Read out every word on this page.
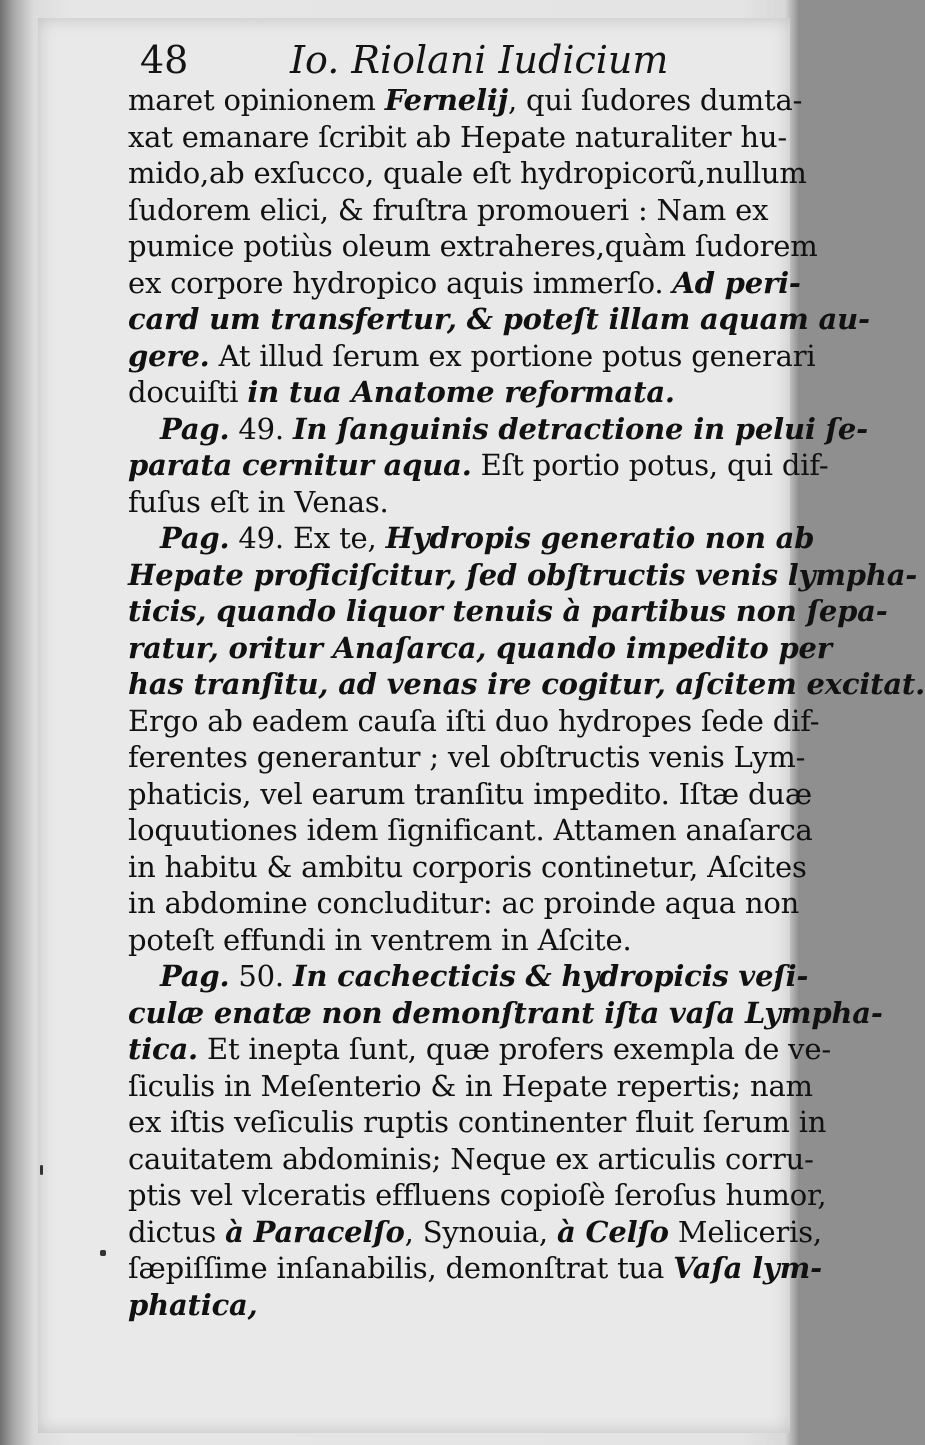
48	Io. Riolani Iudicium
maret opinionem Fernelij, qui ſudores dumta-
xat emanare ſcribit ab Hepate naturaliter hu-
mido,ab exſucco, quale eſt hydropicorũ,nullum
ſudorem elici, & fruſtra promoueri : Nam ex
pumice potiùs oleum extraheres,quàm ſudorem
ex corpore hydropico aquis immerſo. Ad peri-
card um transfertur, & poteſt illam aquam au-
gere. At illud ſerum ex portione potus generari
docuiſti in tua Anatome reformata.
Pag. 49. In ſanguinis detractione in pelui ſe-
parata cernitur aqua. Eſt portio potus, qui dif-
fuſus eſt in Venas.
Pag. 49. Ex te, Hydropis generatio non ab
Hepate proficiſcitur, ſed obſtructis venis lympha-
ticis, quando liquor tenuis à partibus non ſepa-
ratur, oritur Anaſarca, quando impedito per
has tranſitu, ad venas ire cogitur, aſcitem excitat.
Ergo ab eadem cauſa iſti duo hydropes ſede dif-
ferentes generantur ; vel obſtructis venis Lym-
phaticis, vel earum tranſitu impedito. Iſtæ duæ
loquutiones idem ſignificant. Attamen anaſarca
in habitu & ambitu corporis continetur, Aſcites
in abdomine concluditur: ac proinde aqua non
poteſt effundi in ventrem in Aſcite.
Pag. 50. In cachecticis & hydropicis veſi-
culæ enatæ non demonſtrant iſta vaſa Lympha-
tica. Et inepta ſunt, quæ profers exempla de ve-
ſiculis in Meſenterio & in Hepate repertis; nam
ex iſtis veſiculis ruptis continenter fluit ſerum in
cauitatem abdominis; Neque ex articulis corru-
ptis vel vlceratis effluens copioſè ſeroſus humor,
dictus à Paracelſo, Synouia, à Celſo Meliceris,
ſæpiſſime inſanabilis, demonſtrat tua Vaſa lym-
phatica,
